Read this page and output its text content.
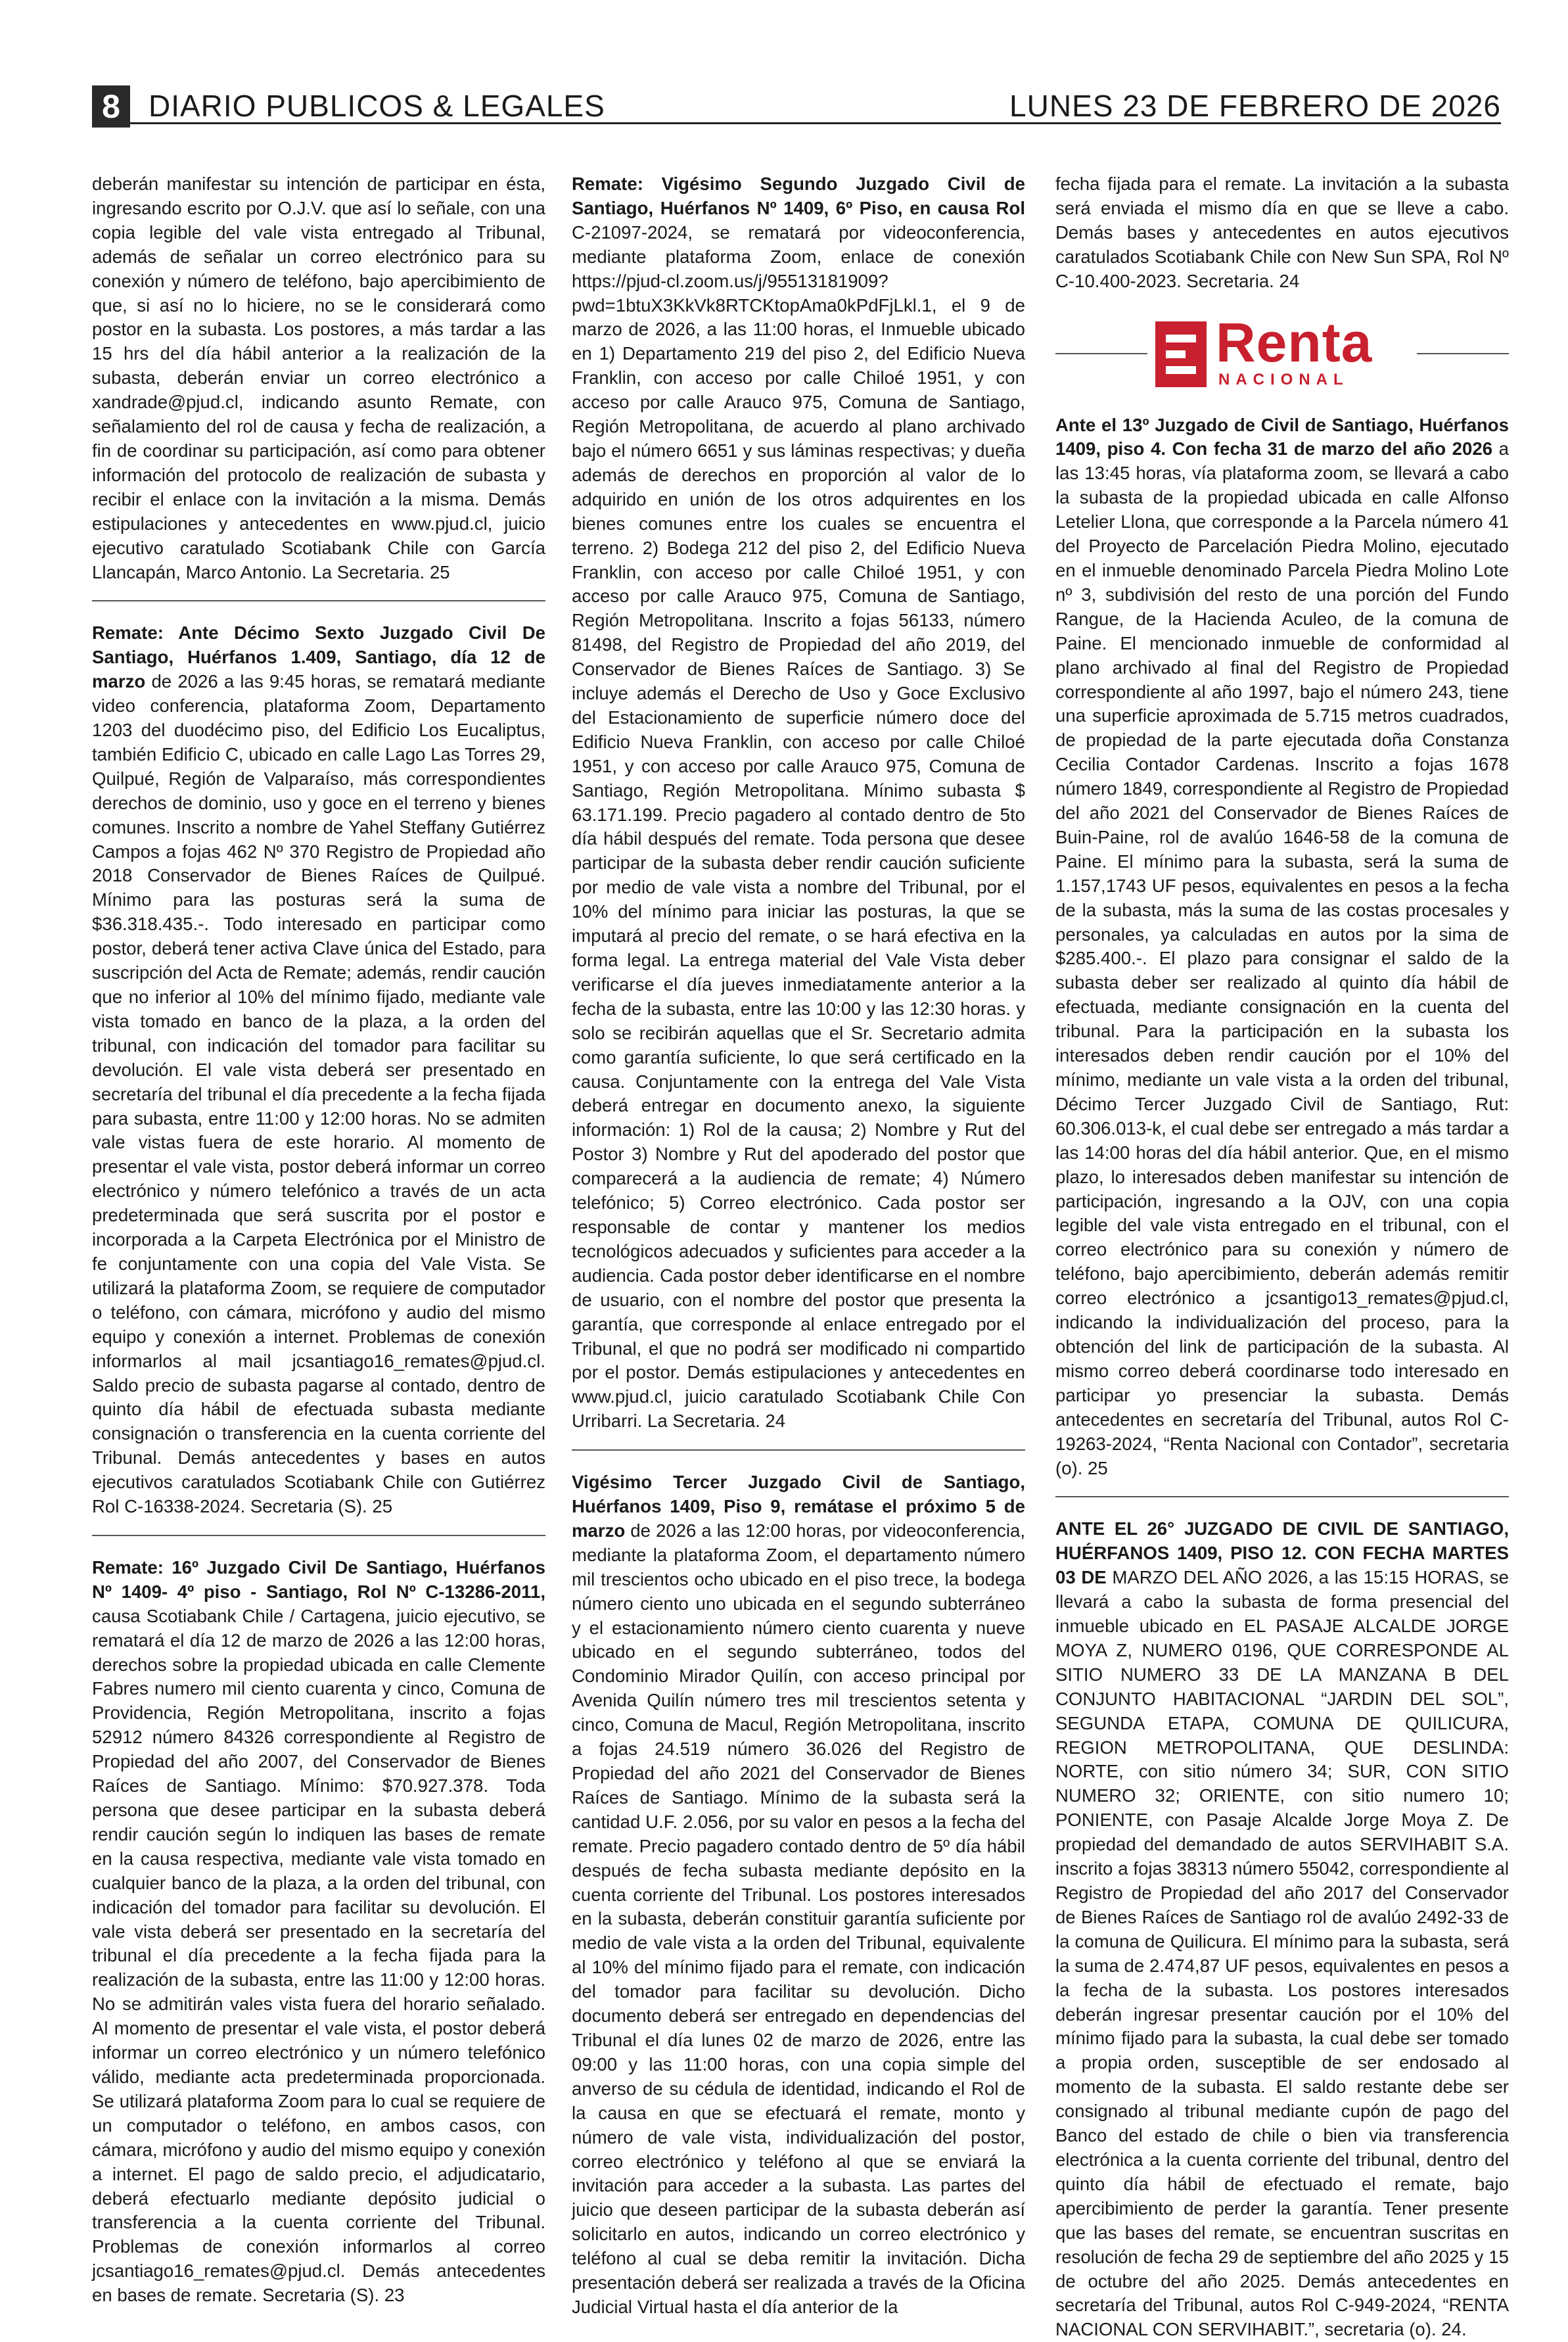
8 DIARIO PUBLICOS & LEGALES	LUNES 23 DE FEBRERO DE 2026

deberán manifestar su intención de participar en ésta, ingresando escrito por O.J.V. que así lo señale, con una copia legible del vale vista entregado al Tribunal, además de señalar un correo electrónico para su conexión y número de teléfono, bajo apercibimiento de que, si así no lo hiciere, no se le considerará como postor en la subasta. Los postores, a más tardar a las 15 hrs del día hábil anterior a la realización de la subasta, deberán enviar un correo electrónico a xandrade@pjud.cl, indicando asunto Remate, con señalamiento del rol de causa y fecha de realización, a fin de coordinar su participación, así como para obtener información del protocolo de realización de subasta y recibir el enlace con la invitación a la misma. Demás estipulaciones y antecedentes en www.pjud.cl, juicio ejecutivo caratulado Scotiabank Chile con García Llancapán, Marco Antonio. La Secretaria. 25

Remate: Ante Décimo Sexto Juzgado Civil De Santiago, Huérfanos 1.409, Santiago, día 12 de marzo de 2026 a las 9:45 horas, se rematará mediante video conferencia, plataforma Zoom, Departamento 1203 del duodécimo piso, del Edificio Los Eucaliptus, también Edificio C, ubicado en calle Lago Las Torres 29, Quilpué, Región de Valparaíso, más correspondientes derechos de dominio, uso y goce en el terreno y bienes comunes. Inscrito a nombre de Yahel Steffany Gutiérrez Campos a fojas 462 Nº 370 Registro de Propiedad año 2018 Conservador de Bienes Raíces de Quilpué. Mínimo para las posturas será la suma de $36.318.435.-. Todo interesado en participar como postor, deberá tener activa Clave única del Estado, para suscripción del Acta de Remate; además, rendir caución que no inferior al 10% del mínimo fijado, mediante vale vista tomado en banco de la plaza, a la orden del tribunal, con indicación del tomador para facilitar su devolución. El vale vista deberá ser presentado en secretaría del tribunal el día precedente a la fecha fijada para subasta, entre 11:00 y 12:00 horas. No se admiten vale vistas fuera de este horario. Al momento de presentar el vale vista, postor deberá informar un correo electrónico y número telefónico a través de un acta predeterminada que será suscrita por el postor e incorporada a la Carpeta Electrónica por el Ministro de fe conjuntamente con una copia del Vale Vista. Se utilizará la plataforma Zoom, se requiere de computador o teléfono, con cámara, micrófono y audio del mismo equipo y conexión a internet. Problemas de conexión informarlos al mail jcsantiago16_remates@pjud.cl. Saldo precio de subasta pagarse al contado, dentro de quinto día hábil de efectuada subasta mediante consignación o transferencia en la cuenta corriente del Tribunal. Demás antecedentes y bases en autos ejecutivos caratulados Scotiabank Chile con Gutiérrez Rol C-16338-2024. Secretaria (S). 25

Remate: 16º Juzgado Civil De Santiago, Huérfanos Nº 1409- 4º piso - Santiago, Rol Nº C-13286-2011, causa Scotiabank Chile / Cartagena, juicio ejecutivo, se rematará el día 12 de marzo de 2026 a las 12:00 horas, derechos sobre la propiedad ubicada en calle Clemente Fabres numero mil ciento cuarenta y cinco, Comuna de Providencia, Región Metropolitana, inscrito a fojas 52912 número 84326 correspondiente al Registro de Propiedad del año 2007, del Conservador de Bienes Raíces de Santiago. Mínimo: $70.927.378. Toda persona que desee participar en la subasta deberá rendir caución según lo indiquen las bases de remate en la causa respectiva, mediante vale vista tomado en cualquier banco de la plaza, a la orden del tribunal, con indicación del tomador para facilitar su devolución. El vale vista deberá ser presentado en la secretaría del tribunal el día precedente a la fecha fijada para la realización de la subasta, entre las 11:00 y 12:00 horas. No se admitirán vales vista fuera del horario señalado. Al momento de presentar el vale vista, el postor deberá informar un correo electrónico y un número telefónico válido, mediante acta predeterminada proporcionada. Se utilizará plataforma Zoom para lo cual se requiere de un computador o teléfono, en ambos casos, con cámara, micrófono y audio del mismo equipo y conexión a internet. El pago de saldo precio, el adjudicatario, deberá efectuarlo mediante depósito judicial o transferencia a la cuenta corriente del Tribunal. Problemas de conexión informarlos al correo jcsantiago16_remates@pjud.cl. Demás antecedentes en bases de remate. Secretaria (S). 23

Remate: Vigésimo Segundo Juzgado Civil de Santiago, Huérfanos Nº 1409, 6º Piso, en causa Rol C-21097-2024, se rematará por videoconferencia, mediante plataforma Zoom, enlace de conexión https://pjud-cl.zoom.us/j/95513181909?pwd=1btuX3KkVk8RTCKtopAma0kPdFjLkl.1, el 9 de marzo de 2026, a las 11:00 horas, el Inmueble ubicado en 1) Departamento 219 del piso 2, del Edificio Nueva Franklin, con acceso por calle Chiloé 1951, y con acceso por calle Arauco 975, Comuna de Santiago, Región Metropolitana, de acuerdo al plano archivado bajo el número 6651 y sus láminas respectivas; y dueña además de derechos en proporción al valor de lo adquirido en unión de los otros adquirentes en los bienes comunes entre los cuales se encuentra el terreno. 2) Bodega 212 del piso 2, del Edificio Nueva Franklin, con acceso por calle Chiloé 1951, y con acceso por calle Arauco 975, Comuna de Santiago, Región Metropolitana. Inscrito a fojas 56133, número 81498, del Registro de Propiedad del año 2019, del Conservador de Bienes Raíces de Santiago. 3) Se incluye además el Derecho de Uso y Goce Exclusivo del Estacionamiento de superficie número doce del Edificio Nueva Franklin, con acceso por calle Chiloé 1951, y con acceso por calle Arauco 975, Comuna de Santiago, Región Metropolitana. Mínimo subasta $ 63.171.199. Precio pagadero al contado dentro de 5to día hábil después del remate. Toda persona que desee participar de la subasta deber rendir caución suficiente por medio de vale vista a nombre del Tribunal, por el 10% del mínimo para iniciar las posturas, la que se imputará al precio del remate, o se hará efectiva en la forma legal. La entrega material del Vale Vista deber verificarse el día jueves inmediatamente anterior a la fecha de la subasta, entre las 10:00 y las 12:30 horas. y solo se recibirán aquellas que el Sr. Secretario admita como garantía suficiente, lo que será certificado en la causa. Conjuntamente con la entrega del Vale Vista deberá entregar en documento anexo, la siguiente información: 1) Rol de la causa; 2) Nombre y Rut del Postor 3) Nombre y Rut del apoderado del postor que comparecerá a la audiencia de remate; 4) Número telefónico; 5) Correo electrónico. Cada postor ser responsable de contar y mantener los medios tecnológicos adecuados y suficientes para acceder a la audiencia. Cada postor deber identificarse en el nombre de usuario, con el nombre del postor que presenta la garantía, que corresponde al enlace entregado por el Tribunal, el que no podrá ser modificado ni compartido por el postor. Demás estipulaciones y antecedentes en www.pjud.cl, juicio caratulado Scotiabank Chile Con Urribarri. La Secretaria. 24

Vigésimo Tercer Juzgado Civil de Santiago, Huérfanos 1409, Piso 9, remátase el próximo 5 de marzo de 2026 a las 12:00 horas, por videoconferencia, mediante la plataforma Zoom, el departamento número mil trescientos ocho ubicado en el piso trece, la bodega número ciento uno ubicada en el segundo subterráneo y el estacionamiento número ciento cuarenta y nueve ubicado en el segundo subterráneo, todos del Condominio Mirador Quilín, con acceso principal por Avenida Quilín número tres mil trescientos setenta y cinco, Comuna de Macul, Región Metropolitana, inscrito a fojas 24.519 número 36.026 del Registro de Propiedad del año 2021 del Conservador de Bienes Raíces de Santiago. Mínimo de la subasta será la cantidad U.F. 2.056, por su valor en pesos a la fecha del remate. Precio pagadero contado dentro de 5º día hábil después de fecha subasta mediante depósito en la cuenta corriente del Tribunal. Los postores interesados en la subasta, deberán constituir garantía suficiente por medio de vale vista a la orden del Tribunal, equivalente al 10% del mínimo fijado para el remate, con indicación del tomador para facilitar su devolución. Dicho documento deberá ser entregado en dependencias del Tribunal el día lunes 02 de marzo de 2026, entre las 09:00 y las 11:00 horas, con una copia simple del anverso de su cédula de identidad, indicando el Rol de la causa en que se efectuará el remate, monto y número de vale vista, individualización del postor, correo electrónico y teléfono al que se enviará la invitación para acceder a la subasta. Las partes del juicio que deseen participar de la subasta deberán así solicitarlo en autos, indicando un correo electrónico y teléfono al cual se deba remitir la invitación. Dicha presentación deberá ser realizada a través de la Oficina Judicial Virtual hasta el día anterior de la

fecha fijada para el remate. La invitación a la subasta será enviada el mismo día en que se lleve a cabo. Demás bases y antecedentes en autos ejecutivos caratulados Scotiabank Chile con New Sun SPA, Rol Nº C-10.400-2023. Secretaria. 24

Renta
NACIONAL

Ante el 13º Juzgado de Civil de Santiago, Huérfanos 1409, piso 4. Con fecha 31 de marzo del año 2026 a las 13:45 horas, vía plataforma zoom, se llevará a cabo la subasta de la propiedad ubicada en calle Alfonso Letelier Llona, que corresponde a la Parcela número 41 del Proyecto de Parcelación Piedra Molino, ejecutado en el inmueble denominado Parcela Piedra Molino Lote nº 3, subdivisión del resto de una porción del Fundo Rangue, de la Hacienda Aculeo, de la comuna de Paine. El mencionado inmueble de conformidad al plano archivado al final del Registro de Propiedad correspondiente al año 1997, bajo el número 243, tiene una superficie aproximada de 5.715 metros cuadrados, de propiedad de la parte ejecutada doña Constanza Cecilia Contador Cardenas. Inscrito a fojas 1678 número 1849, correspondiente al Registro de Propiedad del año 2021 del Conservador de Bienes Raíces de Buin-Paine, rol de avalúo 1646-58 de la comuna de Paine. El mínimo para la subasta, será la suma de 1.157,1743 UF pesos, equivalentes en pesos a la fecha de la subasta, más la suma de las costas procesales y personales, ya calculadas en autos por la sima de $285.400.-. El plazo para consignar el saldo de la subasta deber ser realizado al quinto día hábil de efectuada, mediante consignación en la cuenta del tribunal. Para la participación en la subasta los interesados deben rendir caución por el 10% del mínimo, mediante un vale vista a la orden del tribunal, Décimo Tercer Juzgado Civil de Santiago, Rut: 60.306.013-k, el cual debe ser entregado a más tardar a las 14:00 horas del día hábil anterior. Que, en el mismo plazo, lo interesados deben manifestar su intención de participación, ingresando a la OJV, con una copia legible del vale vista entregado en el tribunal, con el correo electrónico para su conexión y número de teléfono, bajo apercibimiento, deberán además remitir correo electrónico a jcsantigo13_remates@pjud.cl, indicando la individualización del proceso, para la obtención del link de participación de la subasta. Al mismo correo deberá coordinarse todo interesado en participar yo presenciar la subasta. Demás antecedentes en secretaría del Tribunal, autos Rol C-19263-2024, “Renta Nacional con Contador”, secretaria (o). 25

ANTE EL 26° JUZGADO DE CIVIL DE SANTIAGO, HUÉRFANOS 1409, PISO 12. CON FECHA MARTES 03 DE MARZO DEL AÑO 2026, a las 15:15 HORAS, se llevará a cabo la subasta de forma presencial del inmueble ubicado en EL PASAJE ALCALDE JORGE MOYA Z, NUMERO 0196, QUE CORRESPONDE AL SITIO NUMERO 33 DE LA MANZANA B DEL CONJUNTO HABITACIONAL “JARDIN DEL SOL”, SEGUNDA ETAPA, COMUNA DE QUILICURA, REGION METROPOLITANA, QUE DESLINDA: NORTE, con sitio número 34; SUR, CON SITIO NUMERO 32; ORIENTE, con sitio numero 10; PONIENTE, con Pasaje Alcalde Jorge Moya Z. De propiedad del demandado de autos SERVIHABIT S.A. inscrito a fojas 38313 número 55042, correspondiente al Registro de Propiedad del año 2017 del Conservador de Bienes Raíces de Santiago rol de avalúo 2492-33 de la comuna de Quilicura. El mínimo para la subasta, será la suma de 2.474,87 UF pesos, equivalentes en pesos a la fecha de la subasta. Los postores interesados deberán ingresar presentar caución por el 10% del mínimo fijado para la subasta, la cual debe ser tomado a propia orden, susceptible de ser endosado al momento de la subasta. El saldo restante debe ser consignado al tribunal mediante cupón de pago del Banco del estado de chile o bien via transferencia electrónica a la cuenta corriente del tribunal, dentro del quinto día hábil de efectuado el remate, bajo apercibimiento de perder la garantía. Tener presente que las bases del remate, se encuentran suscritas en resolución de fecha 29 de septiembre del año 2025 y 15 de octubre del año 2025. Demás antecedentes en secretaría del Tribunal, autos Rol C-949-2024, “RENTA NACIONAL CON SERVIHABIT.”, secretaria (o). 24.
